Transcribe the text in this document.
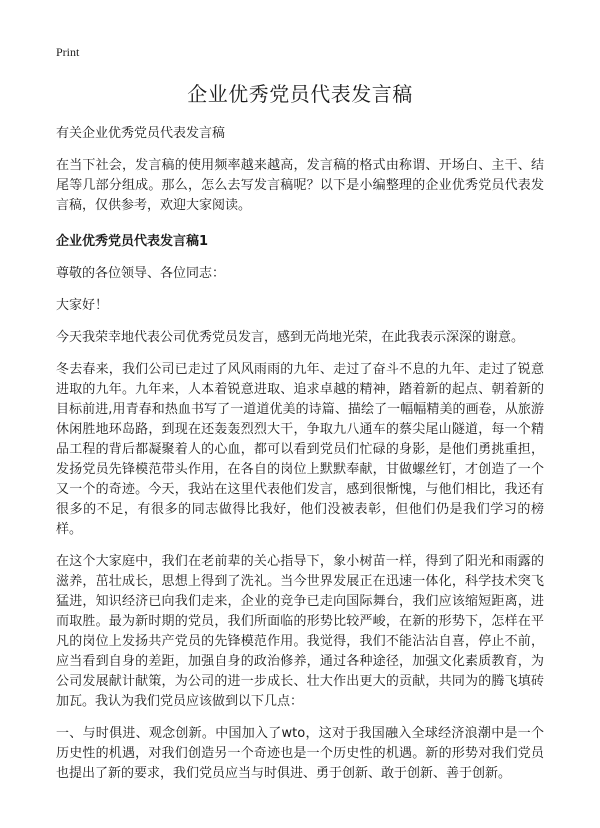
Print
企业优秀党员代表发言稿
有关企业优秀党员代表发言稿

在当下社会，发言稿的使用频率越来越高，发言稿的格式由称谓、开场白、主干、结尾等几部分组成。那么，怎么去写发言稿呢？以下是小编整理的企业优秀党员代表发言稿，仅供参考，欢迎大家阅读。

企业优秀党员代表发言稿1

尊敬的各位领导、各位同志：

大家好！

今天我荣幸地代表公司优秀党员发言，感到无尚地光荣，在此我表示深深的谢意。

冬去春来，我们公司已走过了风风雨雨的九年、走过了奋斗不息的九年、走过了锐意进取的九年。九年来，人本着锐意进取、追求卓越的精神，踏着新的起点、朝着新的目标前进,用青春和热血书写了一道道优美的诗篇、描绘了一幅幅精美的画卷，从旅游休闲胜地环岛路，到现在还轰轰烈烈大干，争取九八通车的蔡尖尾山隧道，每一个精品工程的背后都凝聚着人的心血，都可以看到党员们忙碌的身影，是他们勇挑重担，发扬党员先锋模范带头作用，在各自的岗位上默默奉献，甘做螺丝钉，才创造了一个又一个的奇迹。今天，我站在这里代表他们发言，感到很惭愧，与他们相比，我还有很多的不足，有很多的同志做得比我好，他们没被表彰，但他们仍是我们学习的榜样。

在这个大家庭中，我们在老前辈的关心指导下，象小树苗一样，得到了阳光和雨露的滋养，茁壮成长，思想上得到了洗礼。当今世界发展正在迅速一体化，科学技术突飞猛进，知识经济已向我们走来，企业的竞争已走向国际舞台，我们应该缩短距离，进而取胜。最为新时期的党员，我们所面临的形势比较严峻，在新的形势下，怎样在平凡的岗位上发扬共产党员的先锋模范作用。我觉得，我们不能沾沾自喜，停止不前，应当看到自身的差距，加强自身的政治修养，通过各种途径，加强文化素质教育，为公司发展献计献策，为公司的进一步成长、壮大作出更大的贡献，共同为的腾飞填砖加瓦。我认为我们党员应该做到以下几点：

一、与时俱进、观念创新。中国加入了wto，这对于我国融入全球经济浪潮中是一个历史性的机遇，对我们创造另一个奇迹也是一个历史性的机遇。新的形势对我们党员也提出了新的要求，我们党员应当与时俱进、勇于创新、敢于创新、善于创新。
